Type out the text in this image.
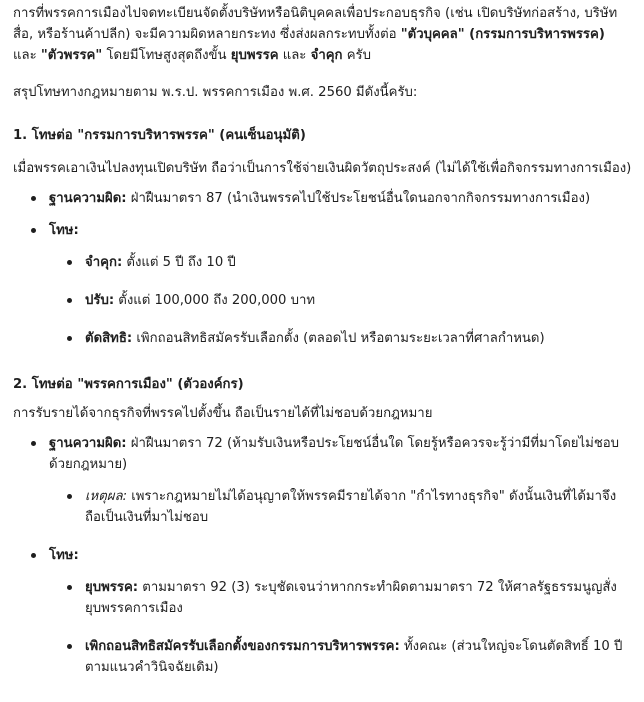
การที่พรรคการเมืองไปจดทะเบียนจัดตั้งบริษัทหรือนิติบุคคลเพื่อประกอบธุรกิจ (เช่น เปิดบริษัทก่อสร้าง, บริษัทสื่อ, หรือร้านค้าปลีก) จะมีความผิดหลายกระทง ซึ่งส่งผลกระทบทั้งต่อ "ตัวบุคคล" (กรรมการบริหารพรรค) และ "ตัวพรรค" โดยมีโทษสูงสุดถึงขั้น ยุบพรรค และ จำคุก ครับ

สรุปโทษทางกฎหมายตาม พ.ร.ป. พรรคการเมือง พ.ศ. 2560 มีดังนี้ครับ:

1. โทษต่อ "กรรมการบริหารพรรค" (คนเซ็นอนุมัติ)

เมื่อพรรคเอาเงินไปลงทุนเปิดบริษัท ถือว่าเป็นการใช้จ่ายเงินผิดวัตถุประสงค์ (ไม่ได้ใช้เพื่อกิจกรรมทางการเมือง)

ฐานความผิด: ฝ่าฝืนมาตรา 87 (นำเงินพรรคไปใช้ประโยชน์อื่นใดนอกจากกิจกรรมทางการเมือง)
โทษ:
จำคุก: ตั้งแต่ 5 ปี ถึง 10 ปี
ปรับ: ตั้งแต่ 100,000 ถึง 200,000 บาท
ตัดสิทธิ: เพิกถอนสิทธิสมัครรับเลือกตั้ง (ตลอดไป หรือตามระยะเวลาที่ศาลกำหนด)
2. โทษต่อ "พรรคการเมือง" (ตัวองค์กร)

การรับรายได้จากธุรกิจที่พรรคไปตั้งขึ้น ถือเป็นรายได้ที่ไม่ชอบด้วยกฎหมาย

ฐานความผิด: ฝ่าฝืนมาตรา 72 (ห้ามรับเงินหรือประโยชน์อื่นใด โดยรู้หรือควรจะรู้ว่ามีที่มาโดยไม่ชอบด้วยกฎหมาย)
เหตุผล: เพราะกฎหมายไม่ได้อนุญาตให้พรรคมีรายได้จาก "กำไรทางธุรกิจ" ดังนั้นเงินที่ได้มาจึงถือเป็นเงินที่มาไม่ชอบ
โทษ:
ยุบพรรค: ตามมาตรา 92 (3) ระบุชัดเจนว่าหากกระทำผิดตามมาตรา 72 ให้ศาลรัฐธรรมนูญสั่งยุบพรรคการเมือง
เพิกถอนสิทธิสมัครรับเลือกตั้งของกรรมการบริหารพรรค: ทั้งคณะ (ส่วนใหญ่จะโดนตัดสิทธิ์ 10 ปี ตามแนวคำวินิจฉัยเดิม)
